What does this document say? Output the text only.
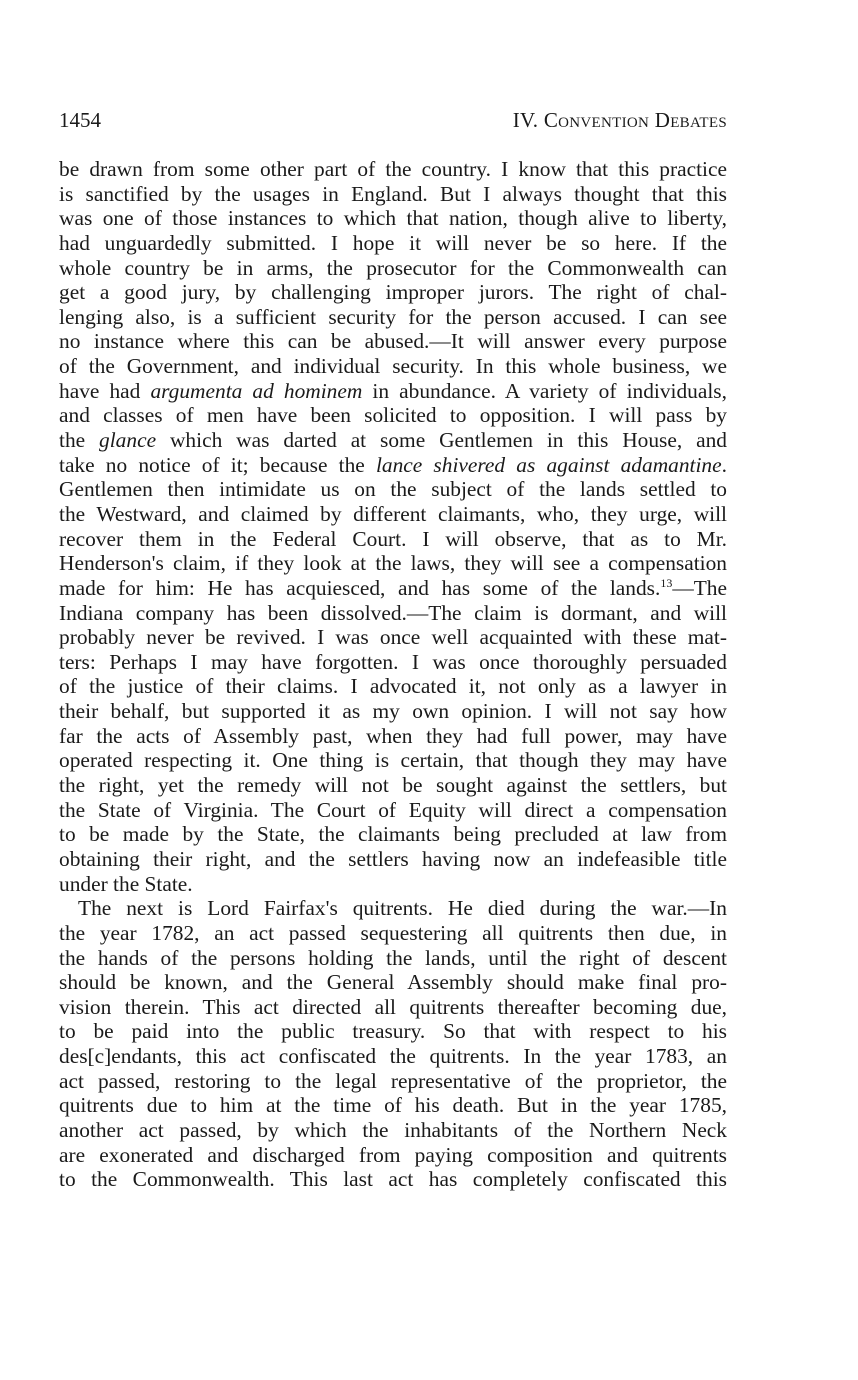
1454	IV. Convention Debates
be drawn from some other part of the country. I know that this practice
is sanctified by the usages in England. But I always thought that this
was one of those instances to which that nation, though alive to liberty,
had unguardedly submitted. I hope it will never be so here. If the
whole country be in arms, the prosecutor for the Commonwealth can
get a good jury, by challenging improper jurors. The right of chal-
lenging also, is a sufficient security for the person accused. I can see
no instance where this can be abused.—It will answer every purpose
of the Government, and individual security. In this whole business, we
have had argumenta ad hominem in abundance. A variety of individuals,
and classes of men have been solicited to opposition. I will pass by
the glance which was darted at some Gentlemen in this House, and
take no notice of it; because the lance shivered as against adamantine.
Gentlemen then intimidate us on the subject of the lands settled to
the Westward, and claimed by different claimants, who, they urge, will
recover them in the Federal Court. I will observe, that as to Mr.
Henderson's claim, if they look at the laws, they will see a compensation
made for him: He has acquiesced, and has some of the lands.$^{13}$—The
Indiana company has been dissolved.—The claim is dormant, and will
probably never be revived. I was once well acquainted with these mat-
ters: Perhaps I may have forgotten. I was once thoroughly persuaded
of the justice of their claims. I advocated it, not only as a lawyer in
their behalf, but supported it as my own opinion. I will not say how
far the acts of Assembly past, when they had full power, may have
operated respecting it. One thing is certain, that though they may have
the right, yet the remedy will not be sought against the settlers, but
the State of Virginia. The Court of Equity will direct a compensation
to be made by the State, the claimants being precluded at law from
obtaining their right, and the settlers having now an indefeasible title
under the State.
The next is Lord Fairfax's quitrents. He died during the war.—In
the year 1782, an act passed sequestering all quitrents then due, in
the hands of the persons holding the lands, until the right of descent
should be known, and the General Assembly should make final pro-
vision therein. This act directed all quitrents thereafter becoming due,
to be paid into the public treasury. So that with respect to his
des[c]endants, this act confiscated the quitrents. In the year 1783, an
act passed, restoring to the legal representative of the proprietor, the
quitrents due to him at the time of his death. But in the year 1785,
another act passed, by which the inhabitants of the Northern Neck
are exonerated and discharged from paying composition and quitrents
to the Commonwealth. This last act has completely confiscated this
